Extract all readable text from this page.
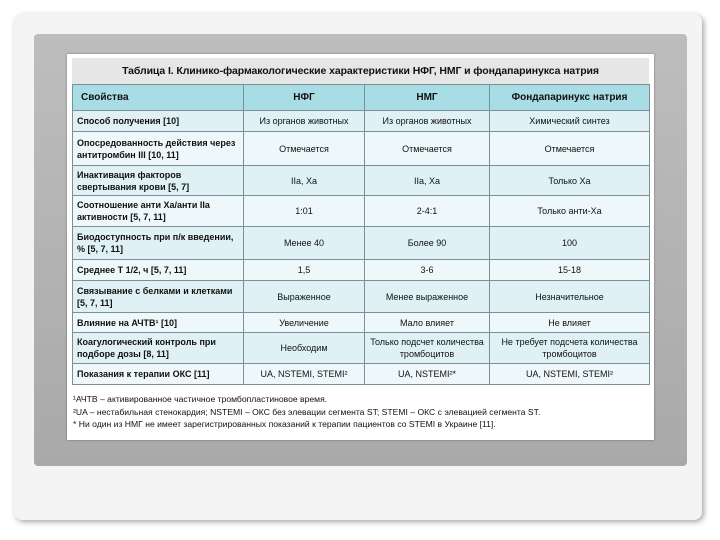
Таблица I. Клинико-фармакологические характеристики НФГ, НМГ и фондапаринукса натрия
Свойства	НФГ	НМГ	Фондапаринукс натрия
Способ получения [10]	Из органов животных	Из органов животных	Химический синтез
Опосредованность действия через антитромбин III [10, 11]	Отмечается	Отмечается	Отмечается
Инактивация факторов свертывания крови [5, 7]	IIа, Ха	IIа, Ха	Только Ха
Соотношение анти Ха/анти IIа активности [5, 7, 11]	1:01	2-4:1	Только анти-Ха
Биодоступность при п/к введении, % [5, 7, 11]	Менее 40	Более 90	100
Среднее T 1/2, ч [5, 7, 11]	1,5	3-6	15-18
Связывание с белками и клетками [5, 7, 11]	Выраженное	Менее выраженное	Незначительное
Влияние на АЧТВ¹ [10]	Увеличение	Мало влияет	Не влияет
Коагулогический контроль при подборе дозы [8, 11]	Необходим	Только подсчет количества тромбоцитов	Не требует подсчета количества тромбоцитов
Показания к терапии ОКС [11]	UA, NSTEMI, STEMI²	UA, NSTEMI²*	UA, NSTEMI, STEMI²
¹АЧТВ – активированное частичное тромбопластиновое время.
²UA – нестабильная стенокардия; NSTEMI – ОКС без элевации сегмента ST; STEMI – ОКС с элевацией сегмента ST.
* Ни один из НМГ не имеет зарегистрированных показаний к терапии пациентов со STEMI в Украине [11].
